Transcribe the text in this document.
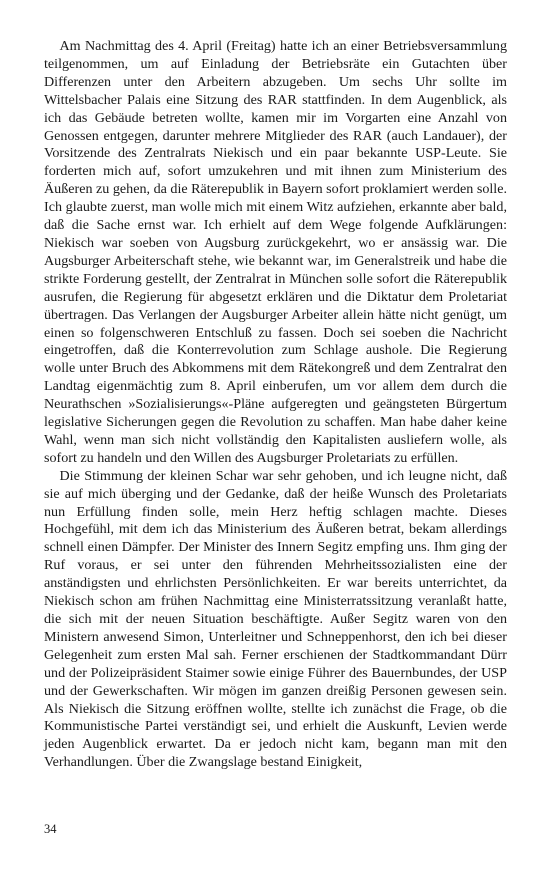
Am Nachmittag des 4. April (Freitag) hatte ich an einer Betriebsversammlung teilgenommen, um auf Einladung der Betriebsräte ein Gutachten über Differenzen unter den Arbeitern abzugeben. Um sechs Uhr sollte im Wittelsbacher Palais eine Sitzung des RAR stattfinden. In dem Augenblick, als ich das Gebäude betreten wollte, kamen mir im Vorgarten eine Anzahl von Genossen entgegen, darunter mehrere Mitglieder des RAR (auch Landauer), der Vorsitzende des Zentralrats Niekisch und ein paar bekannte USP-Leute. Sie forderten mich auf, sofort umzukehren und mit ihnen zum Ministerium des Äußeren zu gehen, da die Räterepublik in Bayern sofort proklamiert werden solle. Ich glaubte zuerst, man wolle mich mit einem Witz aufziehen, erkannte aber bald, daß die Sache ernst war. Ich erhielt auf dem Wege folgende Aufklärungen: Niekisch war soeben von Augsburg zurückgekehrt, wo er ansässig war. Die Augsburger Arbeiterschaft stehe, wie bekannt war, im Generalstreik und habe die strikte Forderung gestellt, der Zentralrat in München solle sofort die Räterepublik ausrufen, die Regierung für abgesetzt erklären und die Diktatur dem Proletariat übertragen. Das Verlangen der Augsburger Arbeiter allein hätte nicht genügt, um einen so folgenschweren Entschluß zu fassen. Doch sei soeben die Nachricht eingetroffen, daß die Konterrevolution zum Schlage aushole. Die Regierung wolle unter Bruch des Abkommens mit dem Rätekongreß und dem Zentralrat den Landtag eigenmächtig zum 8. April einberufen, um vor allem dem durch die Neurathschen »Sozialisierungs«-Pläne aufgeregten und geängsteten Bürgertum legislative Sicherungen gegen die Revolution zu schaffen. Man habe daher keine Wahl, wenn man sich nicht vollständig den Kapitalisten ausliefern wolle, als sofort zu handeln und den Willen des Augsburger Proletariats zu erfüllen.

Die Stimmung der kleinen Schar war sehr gehoben, und ich leugne nicht, daß sie auf mich überging und der Gedanke, daß der heiße Wunsch des Proletariats nun Erfüllung finden solle, mein Herz heftig schlagen machte. Dieses Hochgefühl, mit dem ich das Ministerium des Äußeren betrat, bekam allerdings schnell einen Dämpfer. Der Minister des Innern Segitz empfing uns. Ihm ging der Ruf voraus, er sei unter den führenden Mehrheitssozialisten eine der anständigsten und ehrlichsten Persönlichkeiten. Er war bereits unterrichtet, da Niekisch schon am frühen Nachmittag eine Ministerratssitzung veranlaßt hatte, die sich mit der neuen Situation beschäftigte. Außer Segitz waren von den Ministern anwesend Simon, Unterleitner und Schneppenhorst, den ich bei dieser Gelegenheit zum ersten Mal sah. Ferner erschienen der Stadtkommandant Dürr und der Polizeipräsident Staimer sowie einige Führer des Bauernbundes, der USP und der Gewerkschaften. Wir mögen im ganzen dreißig Personen gewesen sein. Als Niekisch die Sitzung eröffnen wollte, stellte ich zunächst die Frage, ob die Kommunistische Partei verständigt sei, und erhielt die Auskunft, Levien werde jeden Augenblick erwartet. Da er jedoch nicht kam, begann man mit den Verhandlungen. Über die Zwangslage bestand Einigkeit,

34
